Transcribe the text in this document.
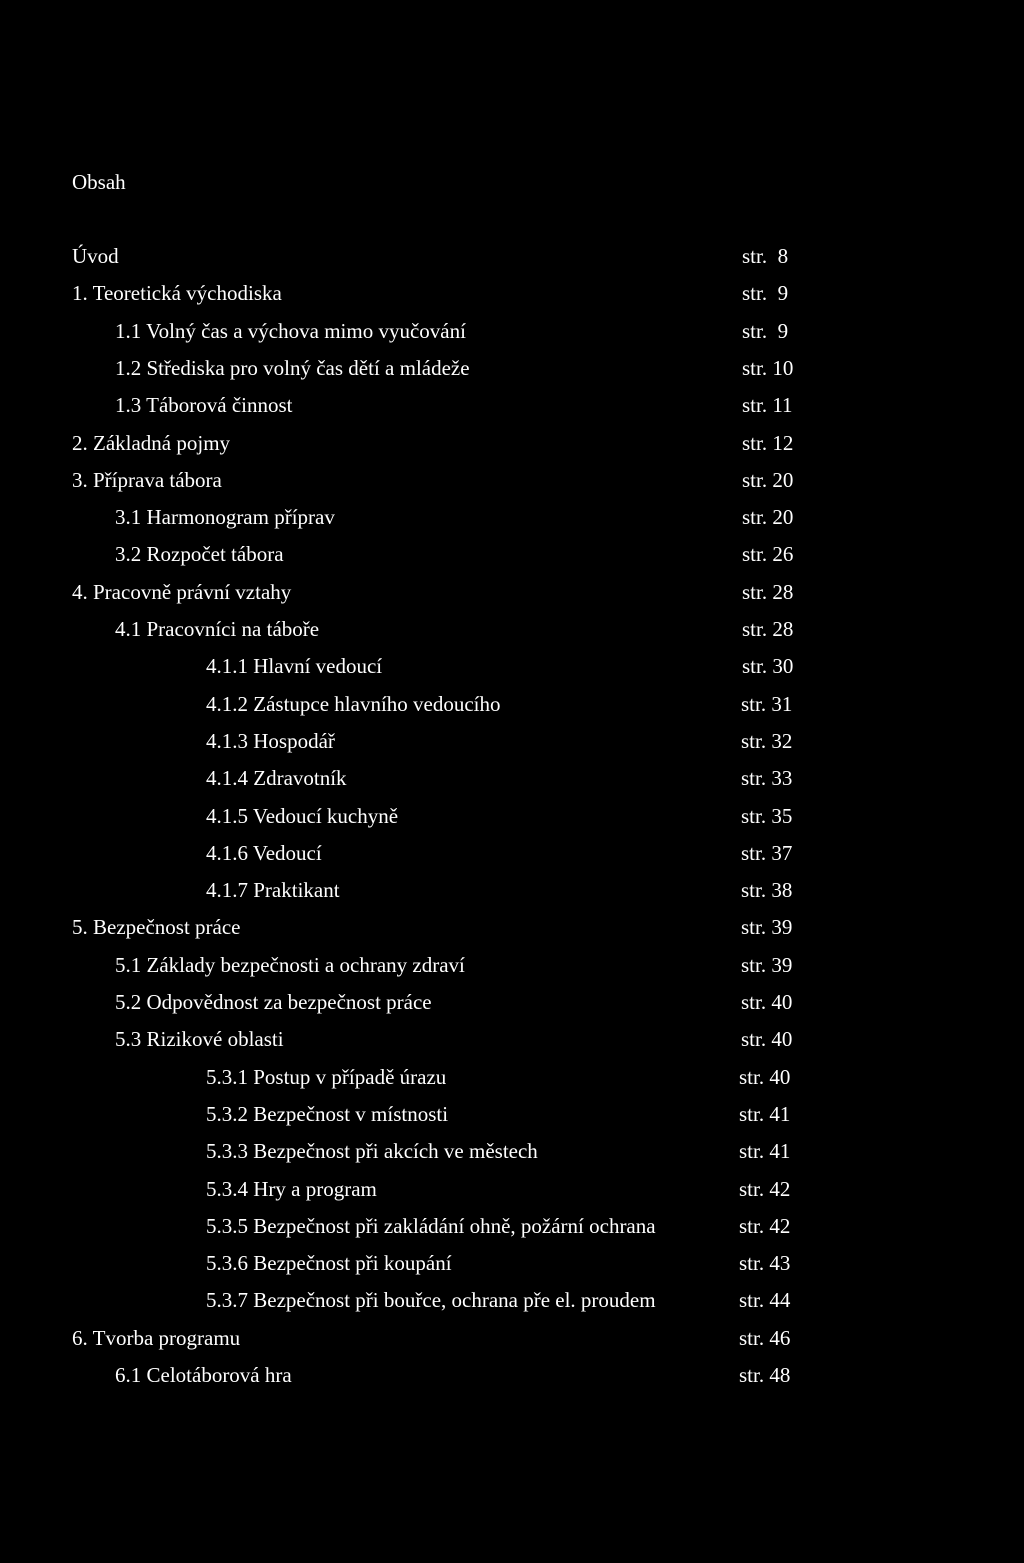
Obsah
Úvod	str.  8
1. Teoretická východiska	str.  9
1.1 Volný čas a výchova mimo vyučování	str.  9
1.2 Střediska pro volný čas dětí a mládeže	str. 10
1.3 Táborová činnost	str. 11
2. Základná pojmy	str. 12
3. Příprava tábora	str. 20
3.1 Harmonogram příprav	str. 20
3.2 Rozpočet tábora	str. 26
4. Pracovně právní vztahy	str. 28
4.1 Pracovníci na táboře	str. 28
4.1.1 Hlavní vedoucí	str. 30
4.1.2 Zástupce hlavního vedoucího	str. 31
4.1.3 Hospodář	str. 32
4.1.4 Zdravotník	str. 33
4.1.5 Vedoucí kuchyně	str. 35
4.1.6 Vedoucí	str. 37
4.1.7 Praktikant	str. 38
5. Bezpečnost práce	str. 39
5.1 Základy bezpečnosti a ochrany zdraví	str. 39
5.2 Odpovědnost za bezpečnost práce	str. 40
5.3 Rizikové oblasti	str. 40
5.3.1 Postup v případě úrazu	str. 40
5.3.2 Bezpečnost v místnosti	str. 41
5.3.3 Bezpečnost při akcích ve městech	str. 41
5.3.4 Hry a program	str. 42
5.3.5 Bezpečnost při zakládání ohně, požární ochrana	str. 42
5.3.6 Bezpečnost při koupání	str. 43
5.3.7 Bezpečnost při bouřce, ochrana pře el. proudem	str. 44
6. Tvorba programu	str. 46
6.1 Celotáborová hra	str. 48
